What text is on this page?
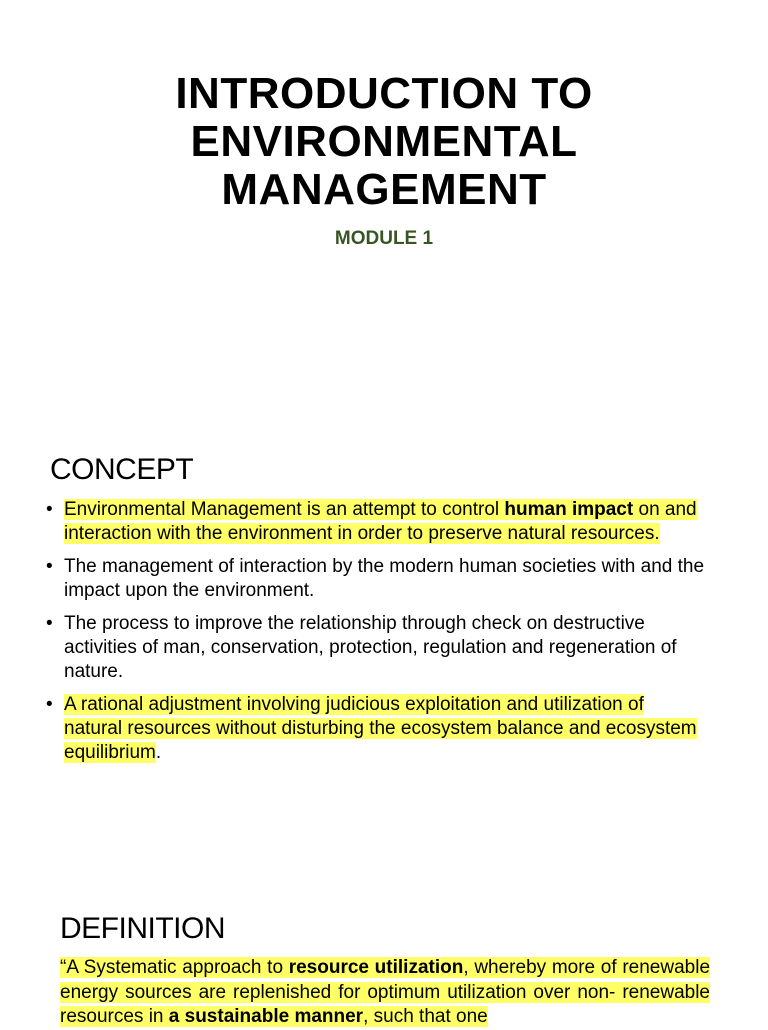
INTRODUCTION TO
ENVIRONMENTAL
MANAGEMENT

MODULE 1

CONCEPT
• Environmental Management is an attempt to control human impact on and interaction with the environment in order to preserve natural resources.
• The management of interaction by the modern human societies with and the impact upon the environment.
• The process to improve the relationship through check on destructive activities of man, conservation, protection, regulation and regeneration of nature.
• A rational adjustment involving judicious exploitation and utilization of natural resources without disturbing the ecosystem balance and ecosystem equilibrium.
DEFINITION

“A Systematic approach to resource utilization, whereby more of renewable energy sources are replenished for optimum utilization over non- renewable resources in a sustainable manner, such that one
